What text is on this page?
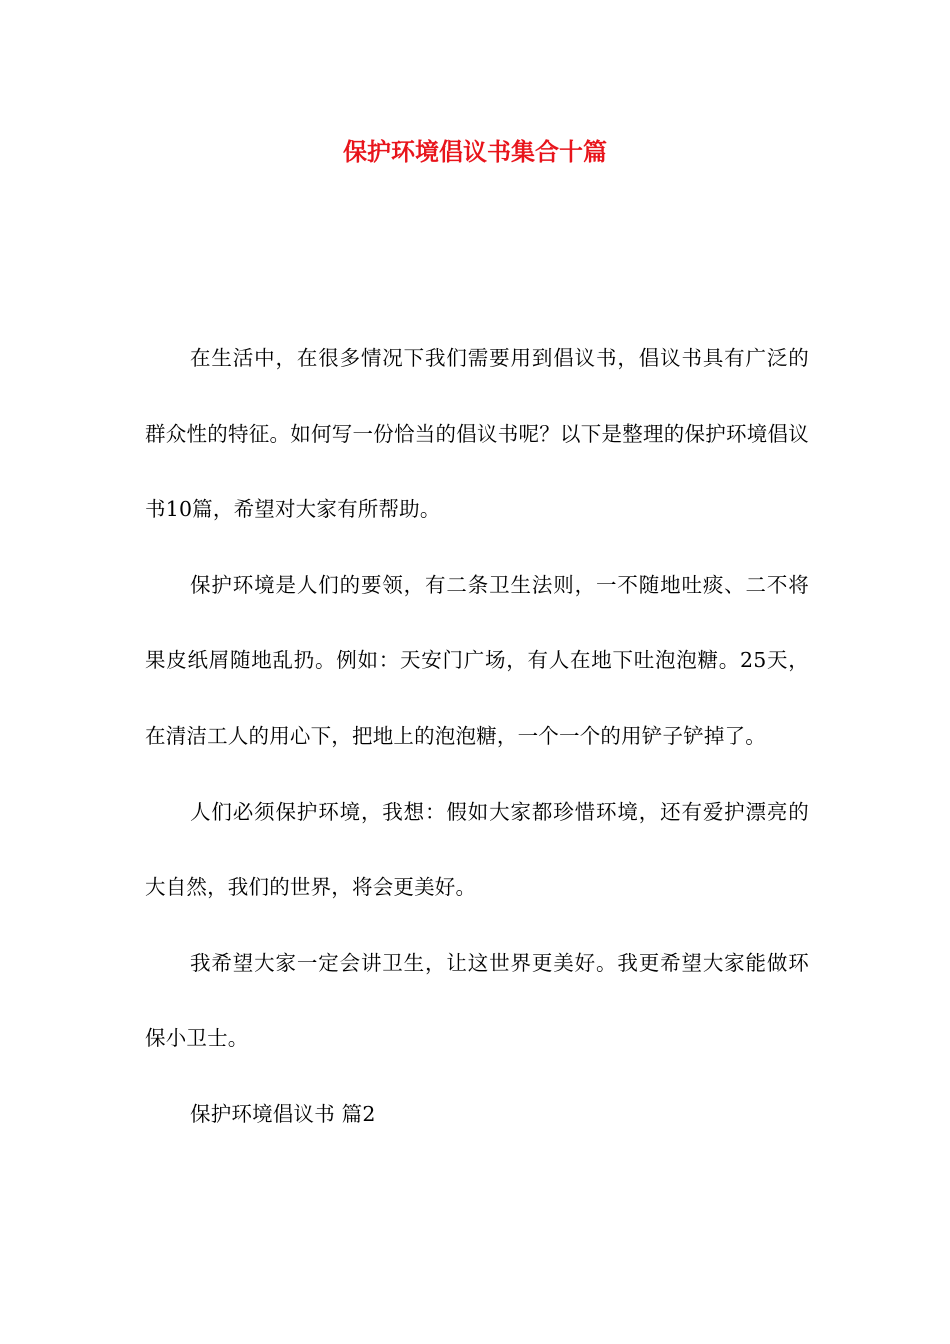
保护环境倡议书集合十篇

在生活中，在很多情况下我们需要用到倡议书，倡议书具有广泛的群众性的特征。如何写一份恰当的倡议书呢？以下是整理的保护环境倡议书10篇，希望对大家有所帮助。

保护环境是人们的要领，有二条卫生法则，一不随地吐痰、二不将果皮纸屑随地乱扔。例如：天安门广场，有人在地下吐泡泡糖。25天，在清洁工人的用心下，把地上的泡泡糖，一个一个的用铲子铲掉了。

人们必须保护环境，我想：假如大家都珍惜环境，还有爱护漂亮的大自然，我们的世界，将会更美好。

我希望大家一定会讲卫生，让这世界更美好。我更希望大家能做环保小卫士。

保护环境倡议书 篇2
